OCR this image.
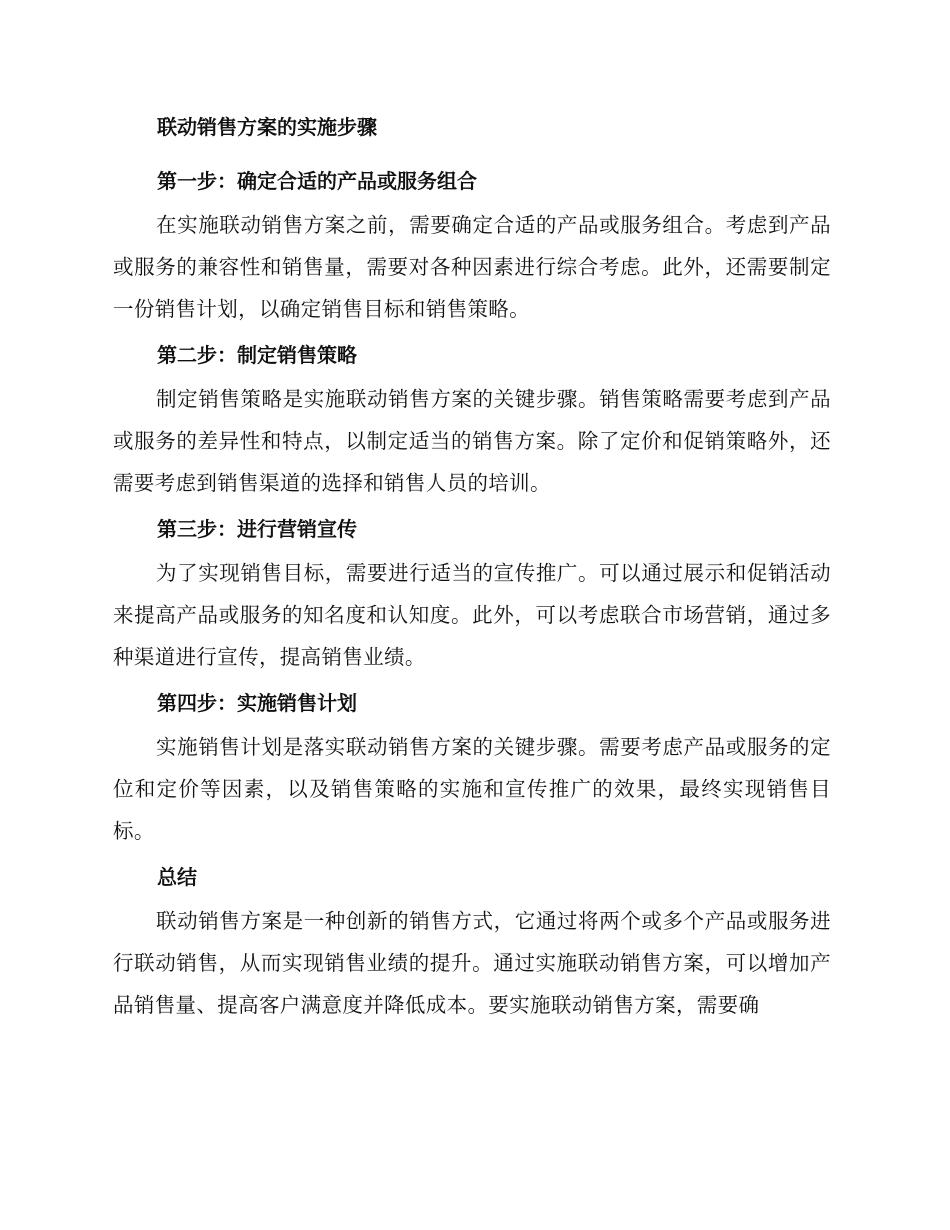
联动销售方案的实施步骤
第一步：确定合适的产品或服务组合

在实施联动销售方案之前，需要确定合适的产品或服务组合。考虑到产品或服务的兼容性和销售量，需要对各种因素进行综合考虑。此外，还需要制定一份销售计划，以确定销售目标和销售策略。

第二步：制定销售策略

制定销售策略是实施联动销售方案的关键步骤。销售策略需要考虑到产品或服务的差异性和特点，以制定适当的销售方案。除了定价和促销策略外，还需要考虑到销售渠道的选择和销售人员的培训。

第三步：进行营销宣传

为了实现销售目标，需要进行适当的宣传推广。可以通过展示和促销活动来提高产品或服务的知名度和认知度。此外，可以考虑联合市场营销，通过多种渠道进行宣传，提高销售业绩。

第四步：实施销售计划

实施销售计划是落实联动销售方案的关键步骤。需要考虑产品或服务的定位和定价等因素，以及销售策略的实施和宣传推广的效果，最终实现销售目标。

总结

联动销售方案是一种创新的销售方式，它通过将两个或多个产品或服务进行联动销售，从而实现销售业绩的提升。通过实施联动销售方案，可以增加产品销售量、提高客户满意度并降低成本。要实施联动销售方案，需要确
